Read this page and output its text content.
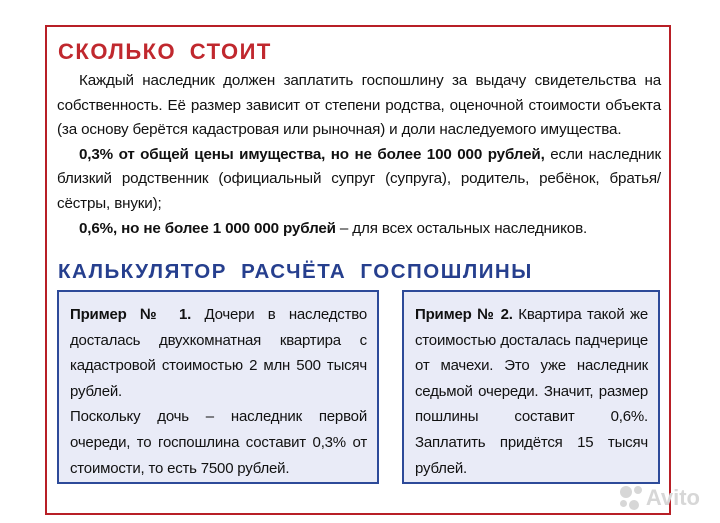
СКОЛЬКО СТОИТ

Каждый наследник должен заплатить госпошлину за выдачу свидетельства на собственность. Её размер зависит от степени родства, оценочной стоимости объекта (за основу берётся кадастровая или рыночная) и доли наследуемого имущества.

0,3% от общей цены имущества, но не более 100 000 рублей, если наследник близкий родственник (официальный супруг (супруга), родитель, ребёнок, братья/сёстры, внуки);

0,6%, но не более 1 000 000 рублей – для всех остальных наследников.

КАЛЬКУЛЯТОР РАСЧЁТА ГОСПОШЛИНЫ

Пример № 1. Дочери в наследство досталась двухкомнатная квартира с кадастровой стоимостью 2 млн 500 тысяч рублей.

Поскольку дочь – наследник первой очереди, то госпошлина составит 0,3% от стоимости, то есть 7500 рублей.

Пример № 2. Квартира такой же стоимостью досталась падчерице от мачехи. Это уже наследник седьмой очереди. Значит, размер пошлины составит 0,6%. Заплатить придётся 15 тысяч рублей.

Avito
